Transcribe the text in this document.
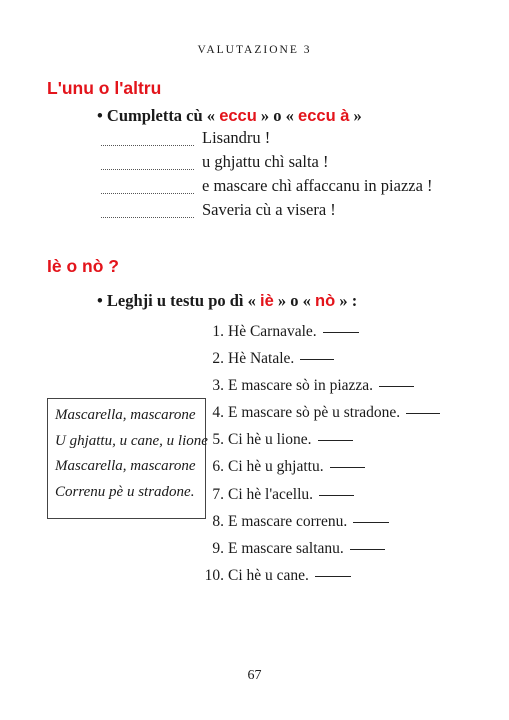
VALUTAZIONE 3
L'unu o l'altru
• Cumpletta cù « eccu » o « eccu à »
Lisandru !
u ghjattu chì salta !
e mascare chì affaccanu in piazza !
Saveria cù a visera !
Iè o nò ?
• Leghji u testu po dì « iè » o « nò » :
Mascarella, mascarone
U ghjattu, u cane, u lione
Mascarella, mascarone
Correnu pè u stradone.
1. Hè Carnavale.
2. Hè Natale.
3. E mascare sò in piazza.
4. E mascare sò pè u stradone.
5. Ci hè u lione.
6. Ci hè u ghjattu.
7. Ci hè l'acellu.
8. E mascare correnu.
9. E mascare saltanu.
10. Ci hè u cane.
67
